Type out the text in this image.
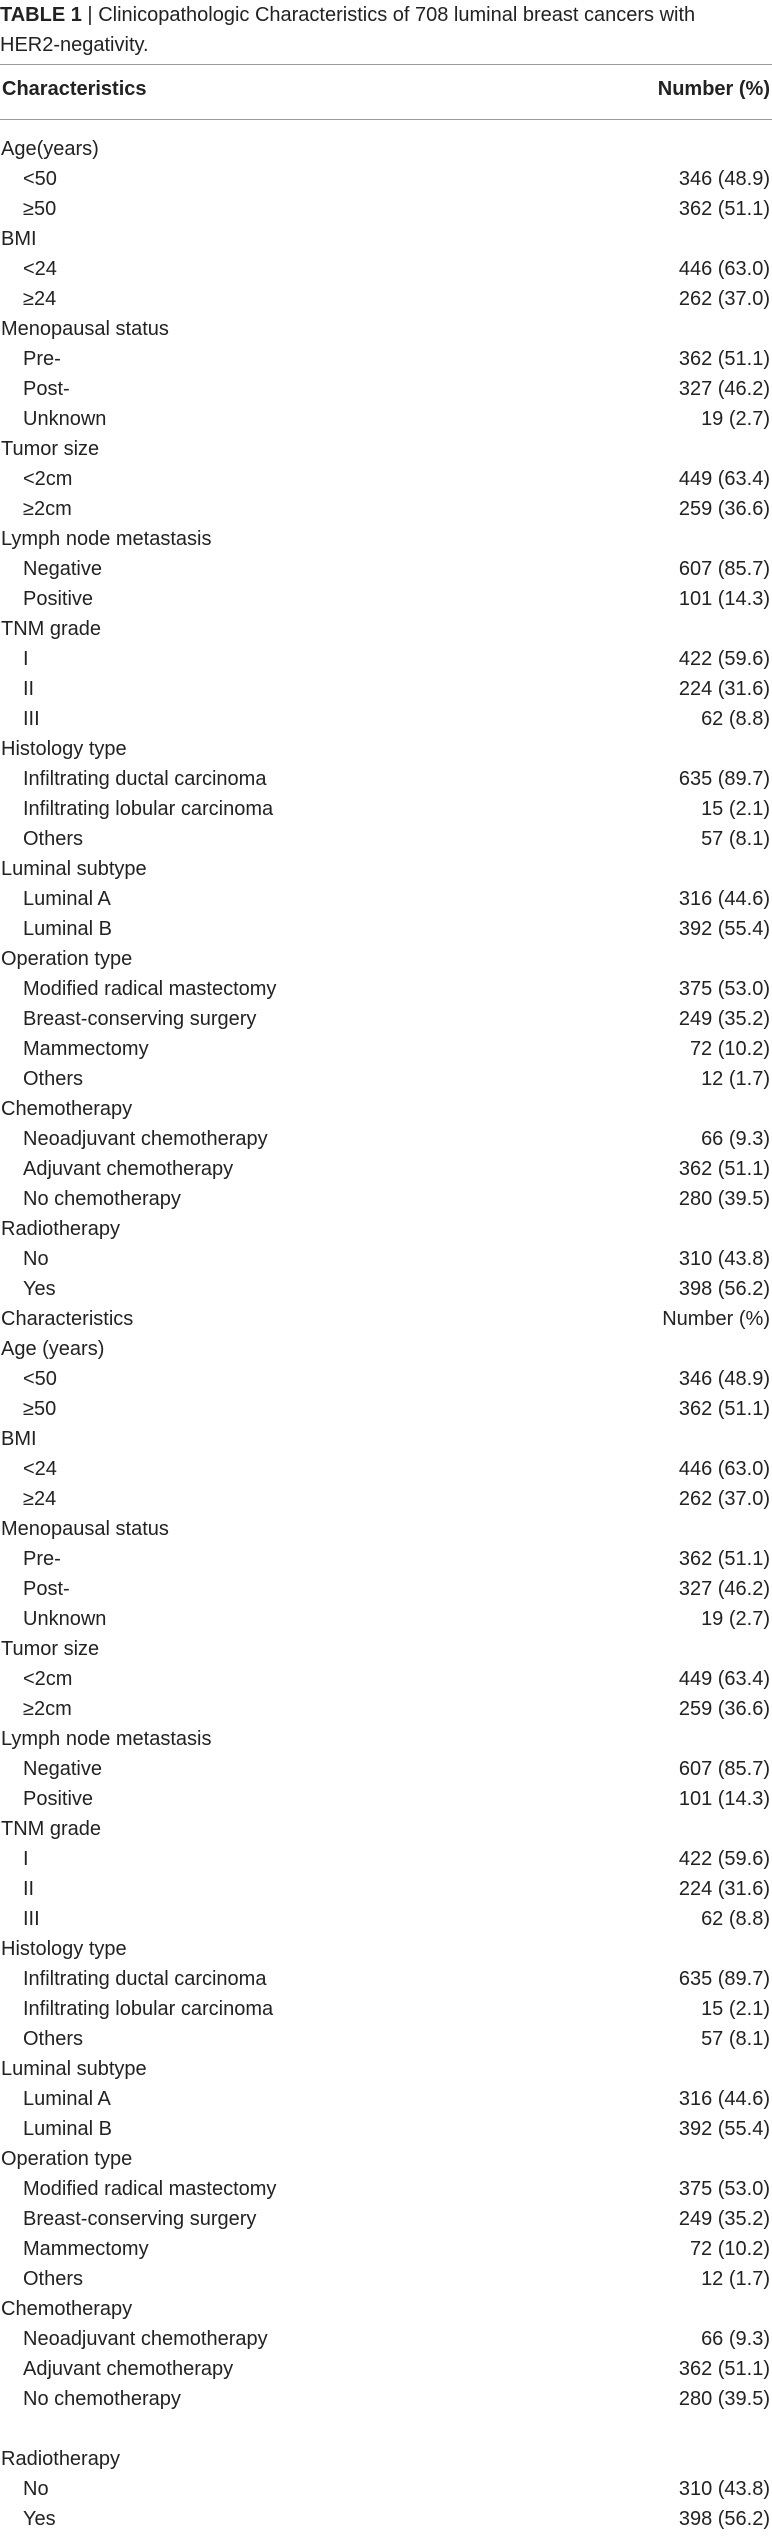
TABLE 1 | Clinicopathologic Characteristics of 708 luminal breast cancers with
HER2-negativity.
Characteristics	Number (%)
Age(years)
<50	346 (48.9)
≥50	362 (51.1)
BMI
<24	446 (63.0)
≥24	262 (37.0)
Menopausal status
Pre-	362 (51.1)
Post-	327 (46.2)
Unknown	19 (2.7)
Tumor size
<2cm	449 (63.4)
≥2cm	259 (36.6)
Lymph node metastasis
Negative	607 (85.7)
Positive	101 (14.3)
TNM grade
I	422 (59.6)
II	224 (31.6)
III	62 (8.8)
Histology type
Infiltrating ductal carcinoma	635 (89.7)
Infiltrating lobular carcinoma	15 (2.1)
Others	57 (8.1)
Luminal subtype
Luminal A	316 (44.6)
Luminal B	392 (55.4)
Operation type
Modified radical mastectomy	375 (53.0)
Breast-conserving surgery	249 (35.2)
Mammectomy	72 (10.2)
Others	12 (1.7)
Chemotherapy
Neoadjuvant chemotherapy	66 (9.3)
Adjuvant chemotherapy	362 (51.1)
No chemotherapy	280 (39.5)
Radiotherapy
No	310 (43.8)
Yes	398 (56.2)
Characteristics	Number (%)
Age (years)
<50	346 (48.9)
≥50	362 (51.1)
BMI
<24	446 (63.0)
≥24	262 (37.0)
Menopausal status
Pre-	362 (51.1)
Post-	327 (46.2)
Unknown	19 (2.7)
Tumor size
<2cm	449 (63.4)
≥2cm	259 (36.6)
Lymph node metastasis
Negative	607 (85.7)
Positive	101 (14.3)
TNM grade
I	422 (59.6)
II	224 (31.6)
III	62 (8.8)
Histology type
Infiltrating ductal carcinoma	635 (89.7)
Infiltrating lobular carcinoma	15 (2.1)
Others	57 (8.1)
Luminal subtype
Luminal A	316 (44.6)
Luminal B	392 (55.4)
Operation type
Modified radical mastectomy	375 (53.0)
Breast-conserving surgery	249 (35.2)
Mammectomy	72 (10.2)
Others	12 (1.7)
Chemotherapy
Neoadjuvant chemotherapy	66 (9.3)
Adjuvant chemotherapy	362 (51.1)
No chemotherapy	280 (39.5)
Radiotherapy
No	310 (43.8)
Yes	398 (56.2)
